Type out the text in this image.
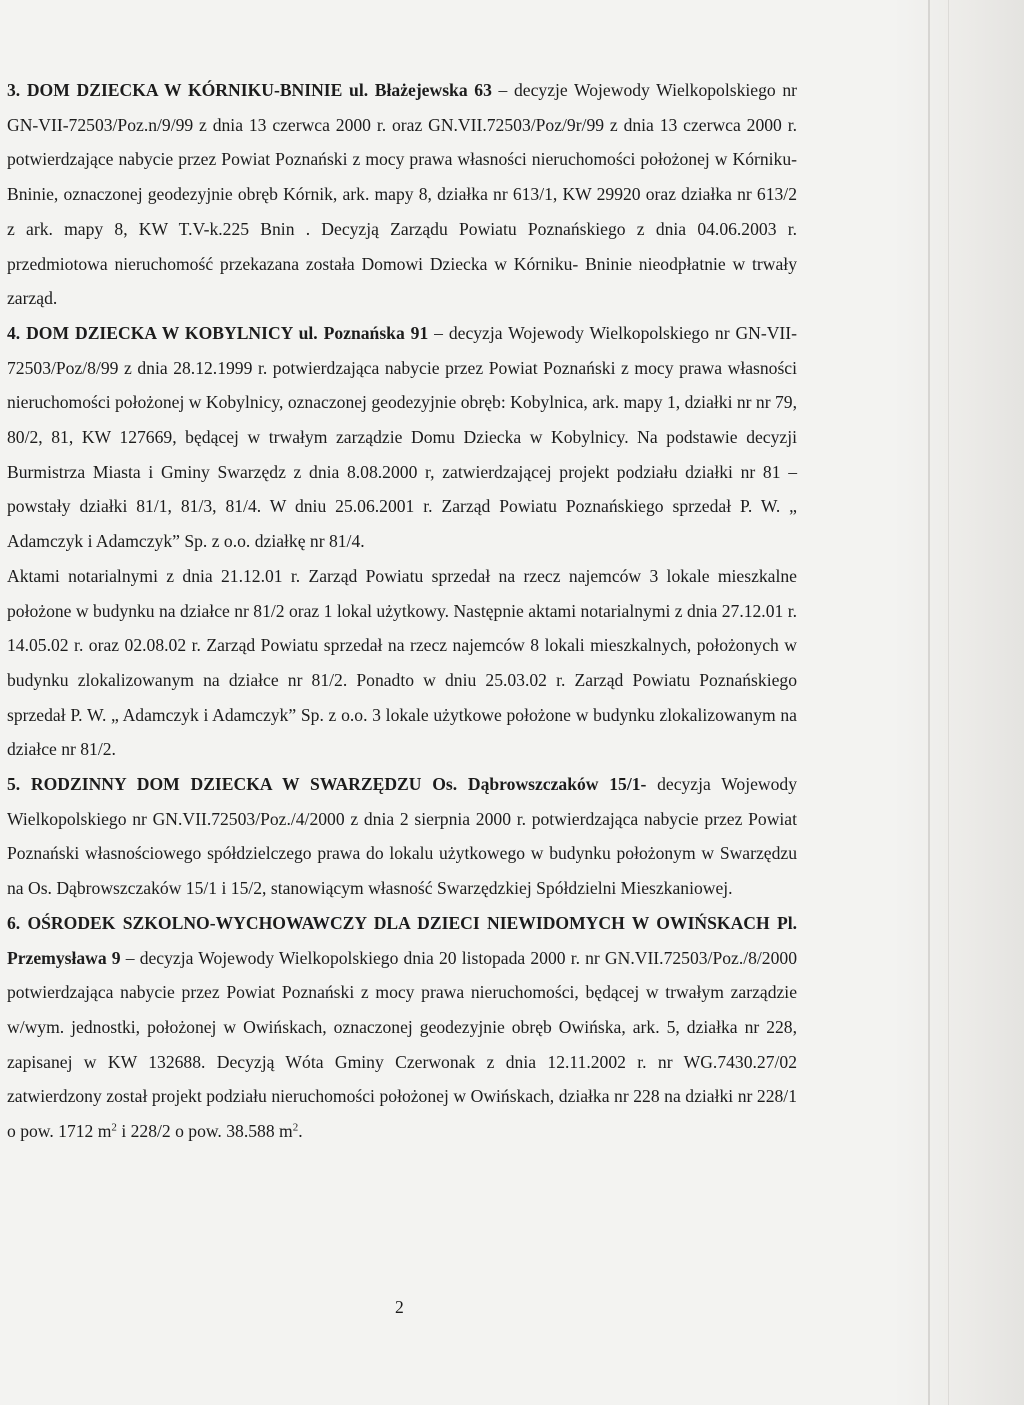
3. DOM DZIECKA W KÓRNIKU-BNINIE ul. Błażejewska 63 – decyzje Wojewody Wielkopolskiego nr GN-VII-72503/Poz.n/9/99 z dnia 13 czerwca 2000 r. oraz GN.VII.72503/Poz/9r/99 z dnia 13 czerwca 2000 r. potwierdzające nabycie przez Powiat Poznański z mocy prawa własności nieruchomości położonej w Kórniku-Bninie, oznaczonej geodezyjnie obręb Kórnik, ark. mapy 8, działka nr 613/1, KW 29920 oraz działka nr 613/2 z ark. mapy 8, KW T.V-k.225 Bnin . Decyzją Zarządu Powiatu Poznańskiego z dnia 04.06.2003 r. przedmiotowa nieruchomość przekazana została Domowi Dziecka w Kórniku- Bninie nieodpłatnie w trwały zarząd.

4. DOM DZIECKA W KOBYLNICY ul. Poznańska 91 – decyzja Wojewody Wielkopolskiego nr GN-VII-72503/Poz/8/99 z dnia 28.12.1999 r. potwierdzająca nabycie przez Powiat Poznański z mocy prawa własności nieruchomości położonej w Kobylnicy, oznaczonej geodezyjnie obręb: Kobylnica, ark. mapy 1, działki nr nr 79, 80/2, 81, KW 127669, będącej w trwałym zarządzie Domu Dziecka w Kobylnicy. Na podstawie decyzji Burmistrza Miasta i Gminy Swarzędz z dnia 8.08.2000 r, zatwierdzającej projekt podziału działki nr 81 – powstały działki 81/1, 81/3, 81/4. W dniu 25.06.2001 r. Zarząd Powiatu Poznańskiego sprzedał P. W. „ Adamczyk i Adamczyk” Sp. z o.o. działkę nr 81/4.

Aktami notarialnymi z dnia 21.12.01 r. Zarząd Powiatu sprzedał na rzecz najemców 3 lokale mieszkalne położone w budynku na działce nr 81/2 oraz 1 lokal użytkowy. Następnie aktami notarialnymi z dnia 27.12.01 r. 14.05.02 r. oraz 02.08.02 r. Zarząd Powiatu sprzedał na rzecz najemców 8 lokali mieszkalnych, położonych w budynku zlokalizowanym na działce nr 81/2. Ponadto w dniu 25.03.02 r. Zarząd Powiatu Poznańskiego sprzedał P. W. „ Adamczyk i Adamczyk” Sp. z o.o. 3 lokale użytkowe położone w budynku zlokalizowanym na działce nr 81/2.

5. RODZINNY DOM DZIECKA W SWARZĘDZU Os. Dąbrowszczaków 15/1- decyzja Wojewody Wielkopolskiego nr GN.VII.72503/Poz./4/2000 z dnia 2 sierpnia 2000 r. potwierdzająca nabycie przez Powiat Poznański własnościowego spółdzielczego prawa do lokalu użytkowego w budynku położonym w Swarzędzu na Os. Dąbrowszczaków 15/1 i 15/2, stanowiącym własność Swarzędzkiej Spółdzielni Mieszkaniowej.

6. OŚRODEK SZKOLNO-WYCHOWAWCZY DLA DZIECI NIEWIDOMYCH W OWIŃSKACH Pl. Przemysława 9 – decyzja Wojewody Wielkopolskiego dnia 20 listopada 2000 r. nr GN.VII.72503/Poz./8/2000 potwierdzająca nabycie przez Powiat Poznański z mocy prawa nieruchomości, będącej w trwałym zarządzie w/wym. jednostki, położonej w Owińskach, oznaczonej geodezyjnie obręb Owińska, ark. 5, działka nr 228, zapisanej w KW 132688. Decyzją Wóta Gminy Czerwonak z dnia 12.11.2002 r. nr WG.7430.27/02 zatwierdzony został projekt podziału nieruchomości położonej w Owińskach, działka nr 228 na działki nr 228/1 o pow. 1712 $m^2$ i 228/2 o pow. 38.588 $m^2$.

2
